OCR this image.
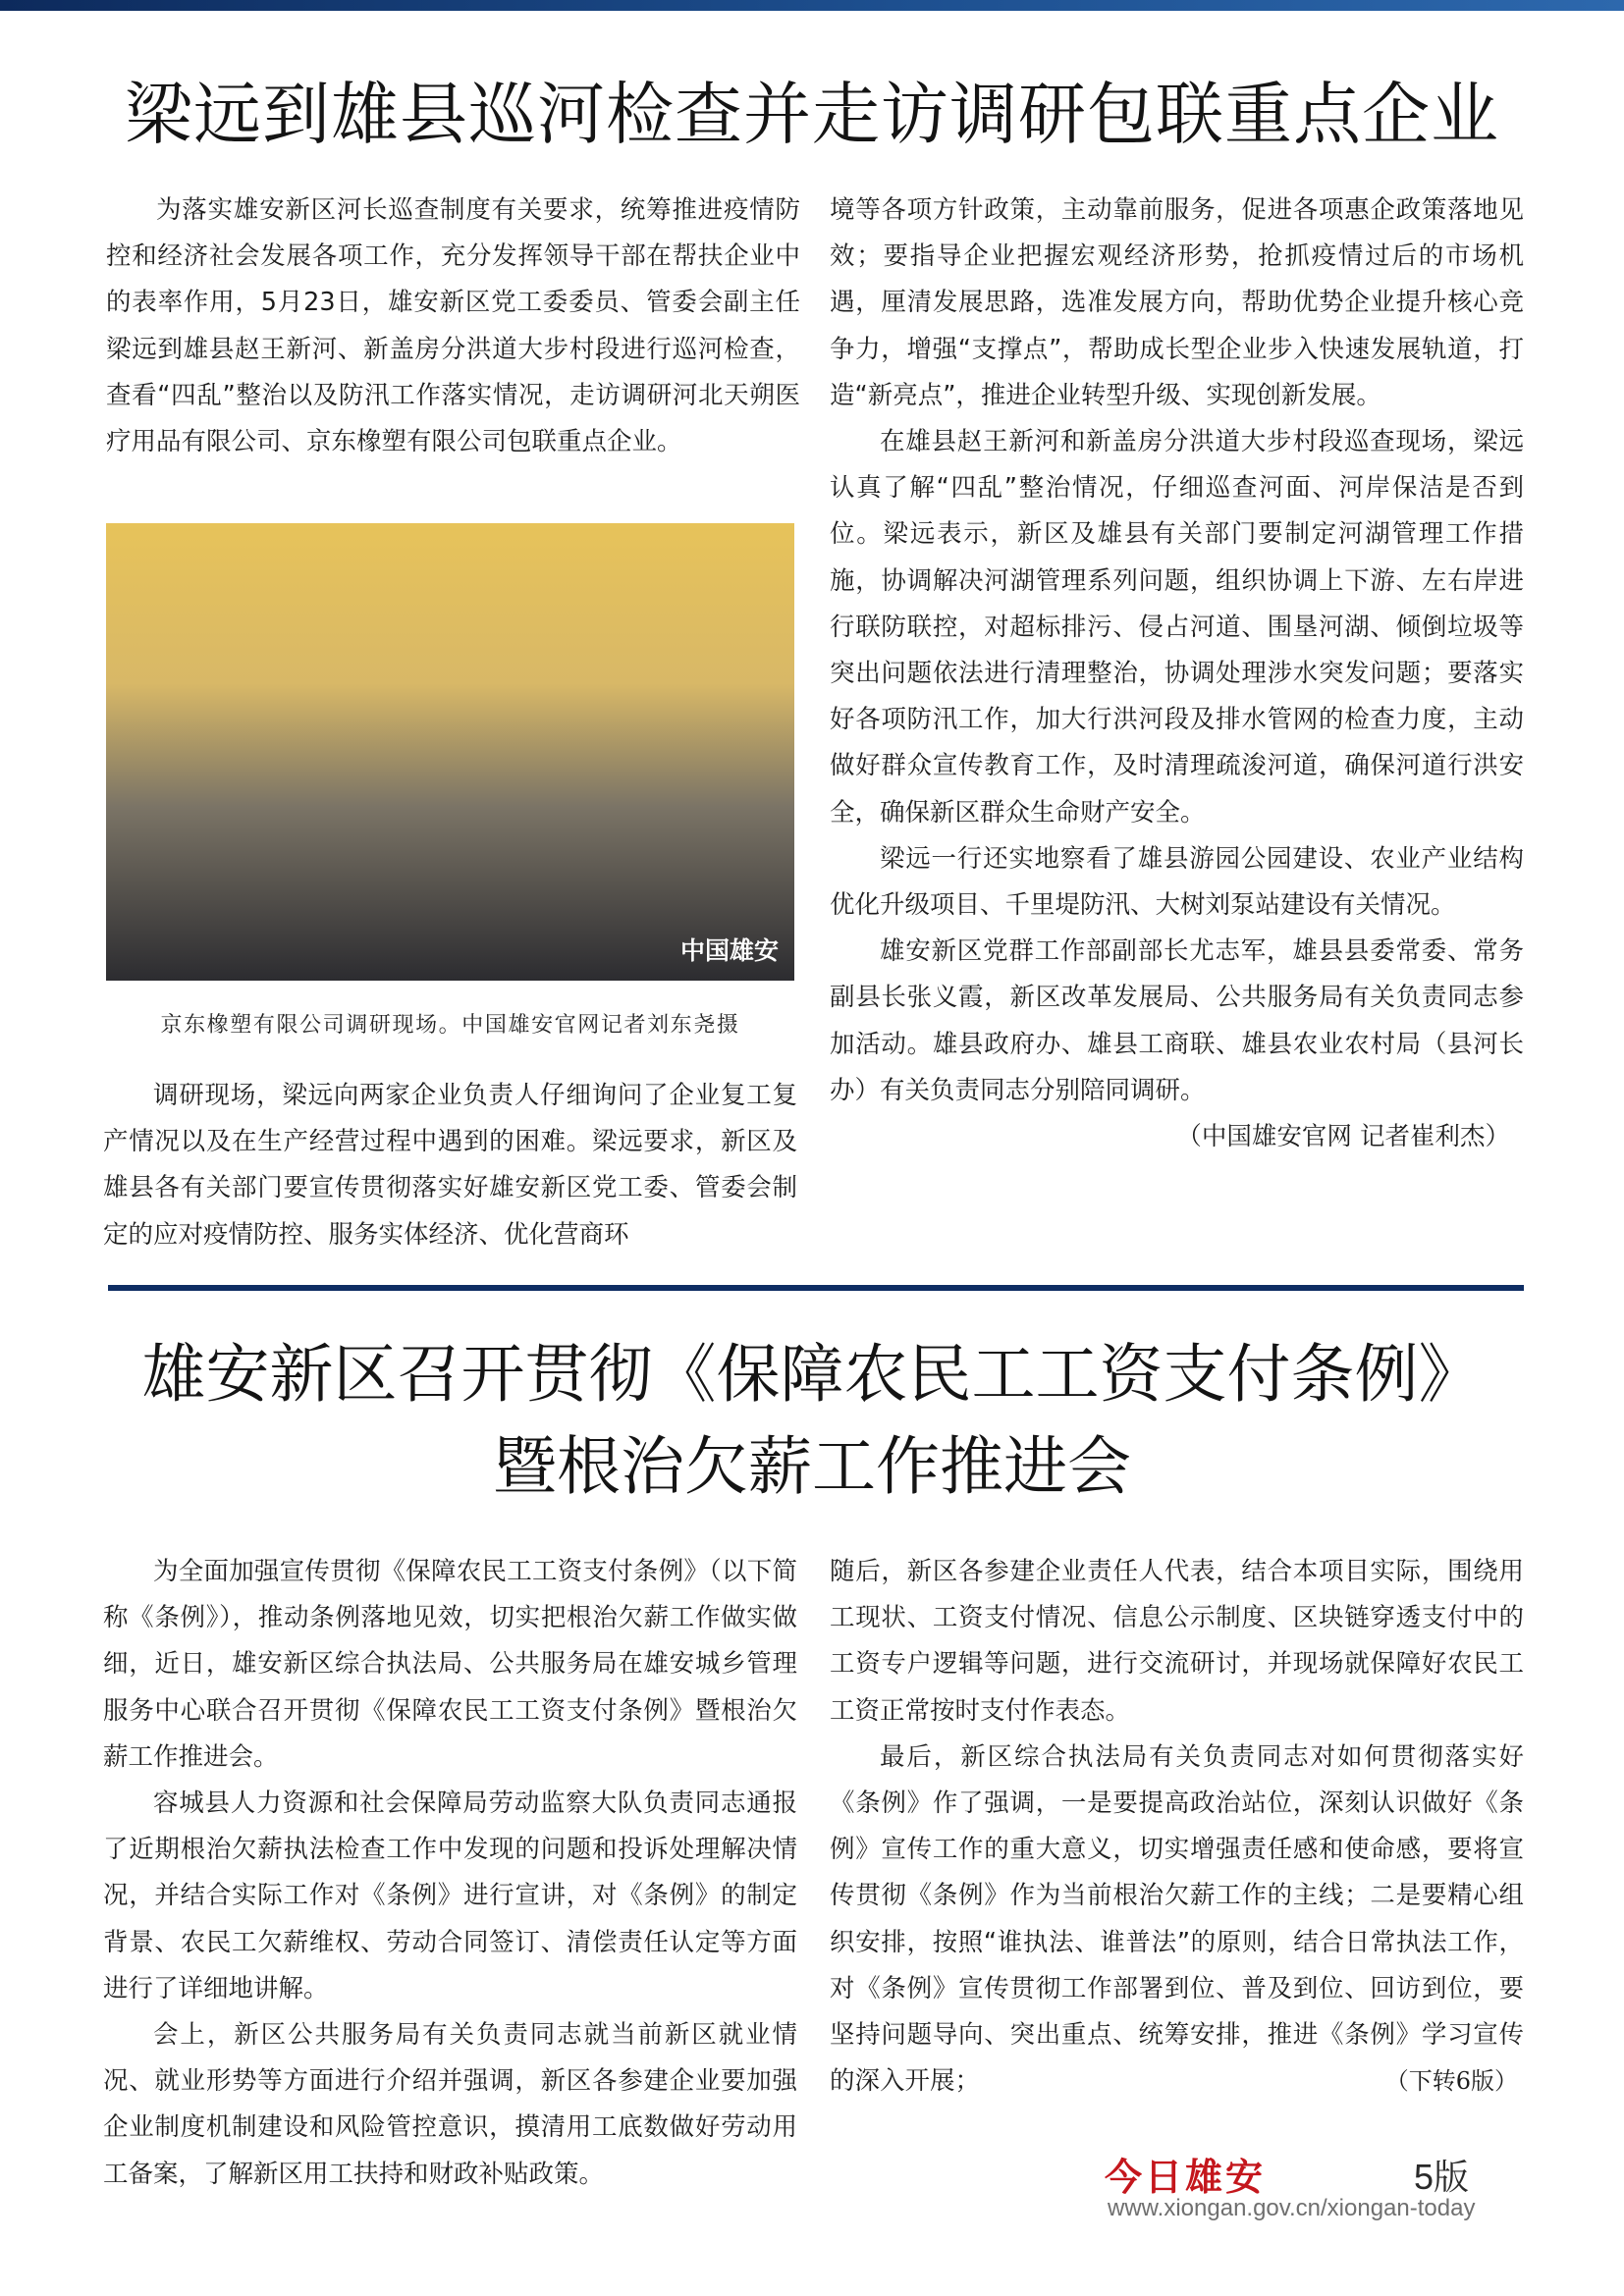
梁远到雄县巡河检查并走访调研包联重点企业

为落实雄安新区河长巡查制度有关要求，统筹推进疫情防控和经济社会发展各项工作，充分发挥领导干部在帮扶企业中的表率作用，5月23日，雄安新区党工委委员、管委会副主任梁远到雄县赵王新河、新盖房分洪道大步村段进行巡河检查，查看“四乱”整治以及防汛工作落实情况，走访调研河北天朔医疗用品有限公司、京东橡塑有限公司包联重点企业。

中国雄安
京东橡塑有限公司调研现场。中国雄安官网记者刘东尧摄

调研现场，梁远向两家企业负责人仔细询问了企业复工复产情况以及在生产经营过程中遇到的困难。梁远要求，新区及雄县各有关部门要宣传贯彻落实好雄安新区党工委、管委会制定的应对疫情防控、服务实体经济、优化营商环

境等各项方针政策，主动靠前服务，促进各项惠企政策落地见效；要指导企业把握宏观经济形势，抢抓疫情过后的市场机遇，厘清发展思路，选准发展方向，帮助优势企业提升核心竞争力，增强“支撑点”，帮助成长型企业步入快速发展轨道，打造“新亮点”，推进企业转型升级、实现创新发展。

在雄县赵王新河和新盖房分洪道大步村段巡查现场，梁远认真了解“四乱”整治情况，仔细巡查河面、河岸保洁是否到位。梁远表示，新区及雄县有关部门要制定河湖管理工作措施，协调解决河湖管理系列问题，组织协调上下游、左右岸进行联防联控，对超标排污、侵占河道、围垦河湖、倾倒垃圾等突出问题依法进行清理整治，协调处理涉水突发问题；要落实好各项防汛工作，加大行洪河段及排水管网的检查力度，主动做好群众宣传教育工作，及时清理疏浚河道，确保河道行洪安全，确保新区群众生命财产安全。

梁远一行还实地察看了雄县游园公园建设、农业产业结构优化升级项目、千里堤防汛、大树刘泵站建设有关情况。

雄安新区党群工作部副部长尤志军，雄县县委常委、常务副县长张义霞，新区改革发展局、公共服务局有关负责同志参加活动。雄县政府办、雄县工商联、雄县农业农村局（县河长办）有关负责同志分别陪同调研。

（中国雄安官网 记者崔利杰）

雄安新区召开贯彻《保障农民工工资支付条例》
暨根治欠薪工作推进会

为全面加强宣传贯彻《保障农民工工资支付条例》（以下简称《条例》），推动条例落地见效，切实把根治欠薪工作做实做细，近日，雄安新区综合执法局、公共服务局在雄安城乡管理服务中心联合召开贯彻《保障农民工工资支付条例》暨根治欠薪工作推进会。

容城县人力资源和社会保障局劳动监察大队负责同志通报了近期根治欠薪执法检查工作中发现的问题和投诉处理解决情况，并结合实际工作对《条例》进行宣讲，对《条例》的制定背景、农民工欠薪维权、劳动合同签订、清偿责任认定等方面进行了详细地讲解。

会上，新区公共服务局有关负责同志就当前新区就业情况、就业形势等方面进行介绍并强调，新区各参建企业要加强企业制度机制建设和风险管控意识，摸清用工底数做好劳动用工备案，了解新区用工扶持和财政补贴政策。

随后，新区各参建企业责任人代表，结合本项目实际，围绕用工现状、工资支付情况、信息公示制度、区块链穿透支付中的工资专户逻辑等问题，进行交流研讨，并现场就保障好农民工工资正常按时支付作表态。

最后，新区综合执法局有关负责同志对如何贯彻落实好《条例》作了强调，一是要提高政治站位，深刻认识做好《条例》宣传工作的重大意义，切实增强责任感和使命感，要将宣传贯彻《条例》作为当前根治欠薪工作的主线；二是要精心组织安排，按照“谁执法、谁普法”的原则，结合日常执法工作，对《条例》宣传贯彻工作部署到位、普及到位、回访到位，要坚持问题导向、突出重点、统筹安排，推进《条例》学习宣传的深入开展；	（下转6版）

今日雄安	5版
www.xiongan.gov.cn/xiongan-today
